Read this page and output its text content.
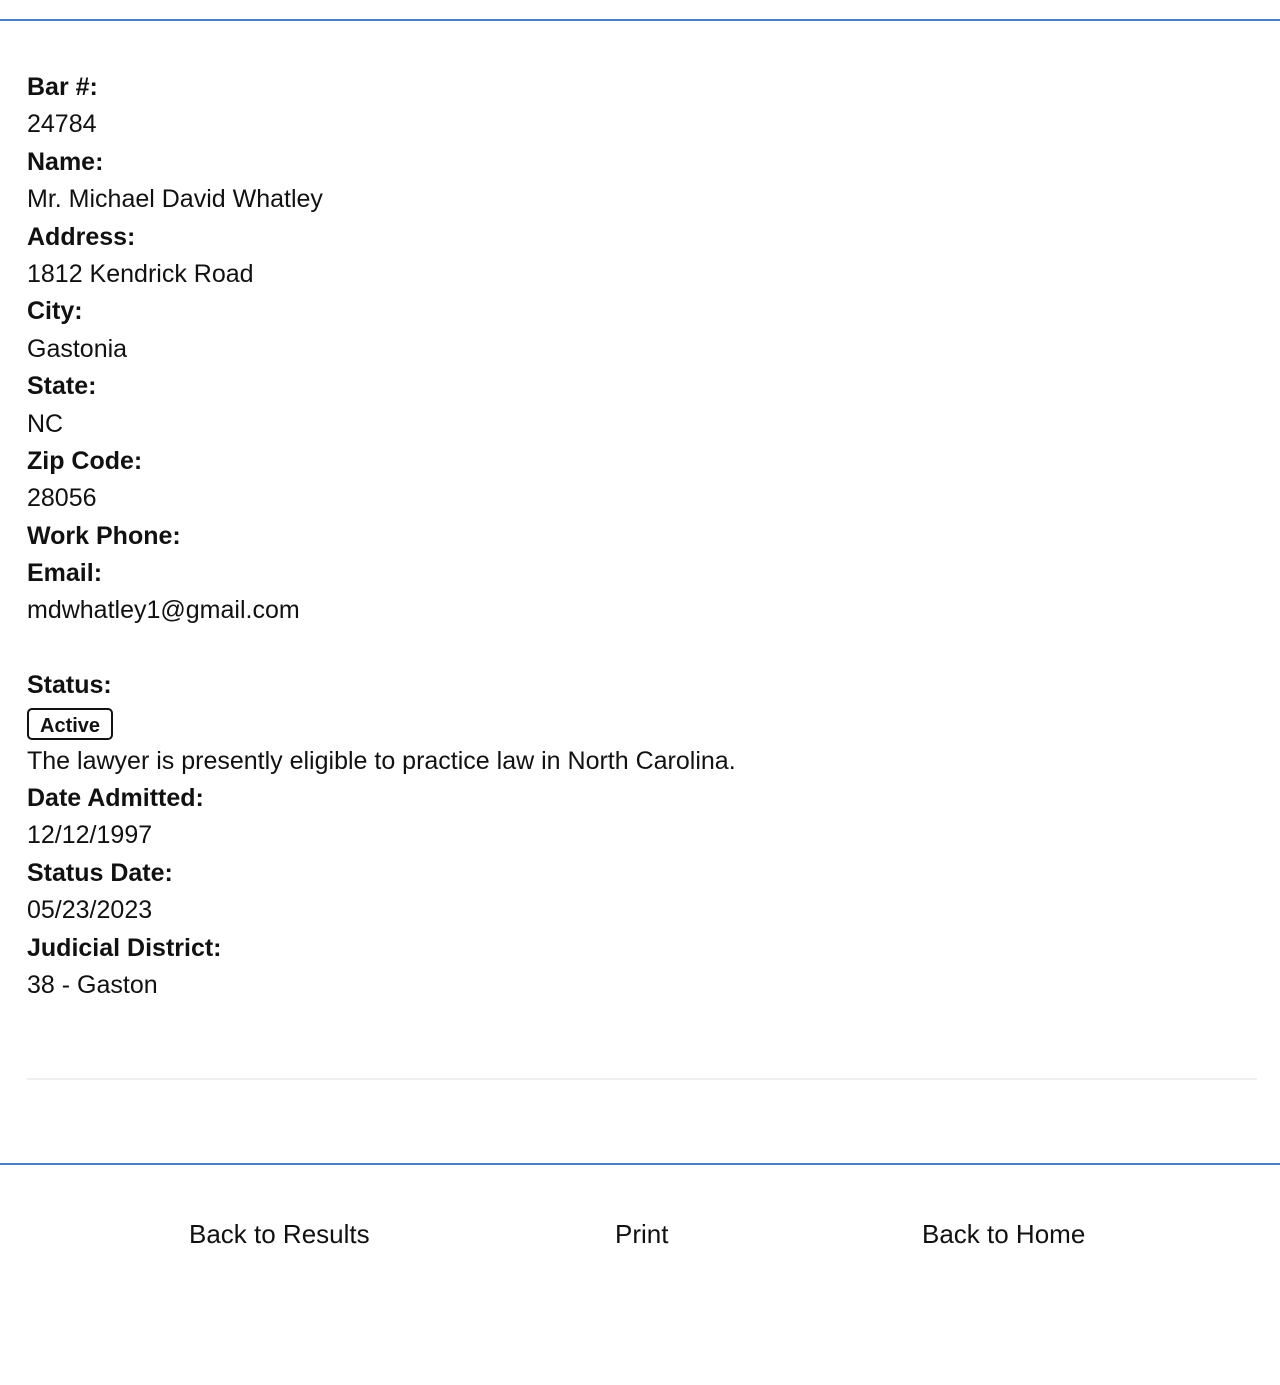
Bar #:
24784
Name:
Mr. Michael David Whatley
Address:
1812 Kendrick Road
City:
Gastonia
State:
NC
Zip Code:
28056
Work Phone:
Email:
mdwhatley1@gmail.com
Status:
Active
The lawyer is presently eligible to practice law in North Carolina.
Date Admitted:
12/12/1997
Status Date:
05/23/2023
Judicial District:
38 - Gaston
Back to Results	Print	Back to Home
